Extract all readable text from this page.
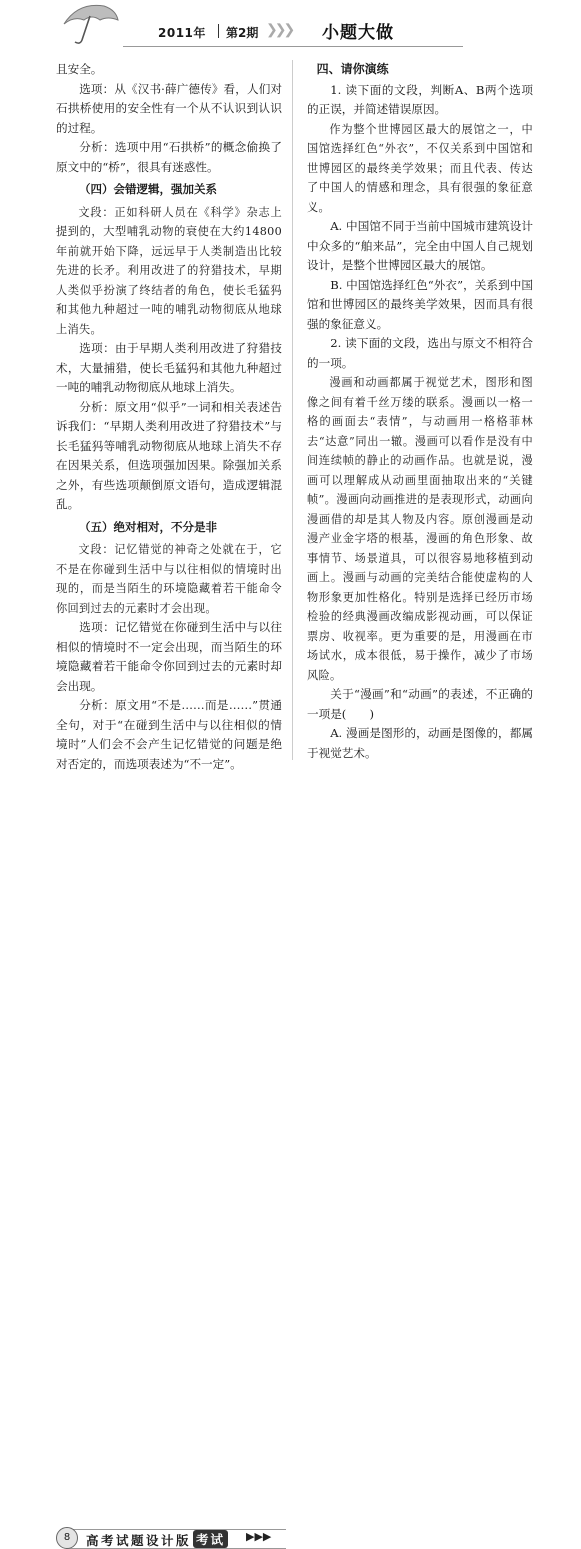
2011年 第2期 ❯❯❯ 小题大做

且安全。

选项：从《汉书·薛广德传》看，人们对石拱桥使用的安全性有一个从不认识到认识的过程。

分析：选项中用“石拱桥”的概念偷换了原文中的“桥”，很具有迷惑性。

（四）会错逻辑，强加关系

文段：正如科研人员在《科学》杂志上提到的，大型哺乳动物的衰使在大约14800年前就开始下降，远远早于人类制造出比较先进的长矛。利用改进了的狩猎技术，早期人类似乎扮演了终结者的角色，使长毛猛犸和其他九种超过一吨的哺乳动物彻底从地球上消失。

选项：由于早期人类利用改进了狩猎技术，大量捕猎，使长毛猛犸和其他九种超过一吨的哺乳动物彻底从地球上消失。

分析：原文用“似乎”一词和相关表述告诉我们：“早期人类利用改进了狩猎技术”与长毛猛犸等哺乳动物彻底从地球上消失不存在因果关系，但选项强加因果。除强加关系之外，有些选项颠倒原文语句，造成逻辑混乱。

（五）绝对相对，不分是非

文段：记忆错觉的神奇之处就在于，它不是在你碰到生活中与以往相似的情境时出现的，而是当陌生的环境隐藏着若干能命令你回到过去的元素时才会出现。

选项：记忆错觉在你碰到生活中与以往相似的情境时不一定会出现，而当陌生的环境隐藏着若干能命令你回到过去的元素时却会出现。

分析：原文用“不是……而是……”贯通全句，对于“在碰到生活中与以往相似的情境时”人们会不会产生记忆错觉的问题是绝对否定的，而选项表述为“不一定”。

四、请你演练

1. 读下面的文段，判断A、B两个选项的正误，并简述错误原因。

作为整个世博园区最大的展馆之一，中国馆选择红色“外衣”，不仅关系到中国馆和世博园区的最终美学效果；而且代表、传达了中国人的情感和理念，具有很强的象征意义。

A. 中国馆不同于当前中国城市建筑设计中众多的“舶来品”，完全由中国人自己规划设计，是整个世博园区最大的展馆。

B. 中国馆选择红色“外衣”，关系到中国馆和世博园区的最终美学效果，因而具有很强的象征意义。

2. 读下面的文段，选出与原文不相符合的一项。

漫画和动画都属于视觉艺术，图形和图像之间有着千丝万缕的联系。漫画以一格一格的画面去“表情”，与动画用一格格菲林去“达意”同出一辙。漫画可以看作是没有中间连续帧的静止的动画作品。也就是说，漫画可以理解成从动画里面抽取出来的“关键帧”。漫画向动画推进的是表现形式，动画向漫画借的却是其人物及内容。原创漫画是动漫产业金字塔的根基，漫画的角色形象、故事情节、场景道具，可以很容易地移植到动画上。漫画与动画的完美结合能使虚构的人物形象更加性格化。特别是选择已经历市场检验的经典漫画改编成影视动画，可以保证票房、收视率。更为重要的是，用漫画在市场试水，成本很低，易于操作，减少了市场风险。

关于“漫画”和“动画”的表述，不正确的一项是(　　)

A. 漫画是图形的，动画是图像的，都属于视觉艺术。

8	高考试题设计版 考试 ▶▶▶
